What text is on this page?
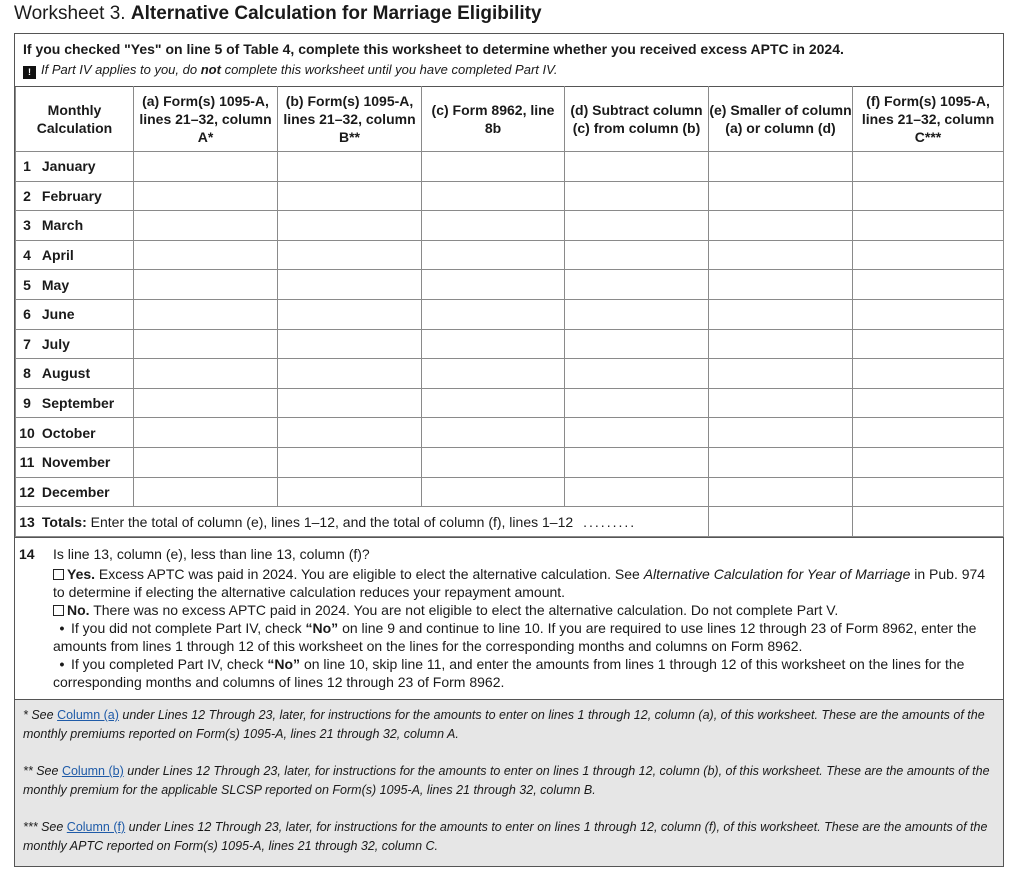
Worksheet 3. Alternative Calculation for Marriage Eligibility
If you checked "Yes" on line 5 of Table 4, complete this worksheet to determine whether you received excess APTC in 2024.
! If Part IV applies to you, do not complete this worksheet until you have completed Part IV.
Monthly Calculation	(a) Form(s) 1095-A, lines 21–32, column A*	(b) Form(s) 1095-A, lines 21–32, column B**	(c) Form 8962, line 8b	(d) Subtract column (c) from column (b)	(e) Smaller of column (a) or column (d)	(f) Form(s) 1095-A, lines 21–32, column C***
1 January						
2 February						
3 March						
4 April						
5 May						
6 June						
7 July						
8 August						
9 September						
10 October						
11 November						
12 December						
13 Totals: Enter the total of column (e), lines 1–12, and the total of column (f), lines 1–12 .........						
14 Is line 13, column (e), less than line 13, column (f)?

Yes. Excess APTC was paid in 2024. You are eligible to elect the alternative calculation. See Alternative Calculation for Year of Marriage in Pub. 974 to determine if electing the alternative calculation reduces your repayment amount.

No. There was no excess APTC paid in 2024. You are not eligible to elect the alternative calculation. Do not complete Part V.

• If you did not complete Part IV, check “No” on line 9 and continue to line 10. If you are required to use lines 12 through 23 of Form 8962, enter the amounts from lines 1 through 12 of this worksheet on the lines for the corresponding months and columns on Form 8962.

• If you completed Part IV, check “No” on line 10, skip line 11, and enter the amounts from lines 1 through 12 of this worksheet on the lines for the corresponding months and columns of lines 12 through 23 of Form 8962.

* See Column (a) under Lines 12 Through 23, later, for instructions for the amounts to enter on lines 1 through 12, column (a), of this worksheet. These are the amounts of the monthly premiums reported on Form(s) 1095-A, lines 21 through 32, column A.
** See Column (b) under Lines 12 Through 23, later, for instructions for the amounts to enter on lines 1 through 12, column (b), of this worksheet. These are the amounts of the monthly premium for the applicable SLCSP reported on Form(s) 1095-A, lines 21 through 32, column B.
*** See Column (f) under Lines 12 Through 23, later, for instructions for the amounts to enter on lines 1 through 12, column (f), of this worksheet. These are the amounts of the monthly APTC reported on Form(s) 1095-A, lines 21 through 32, column C.
